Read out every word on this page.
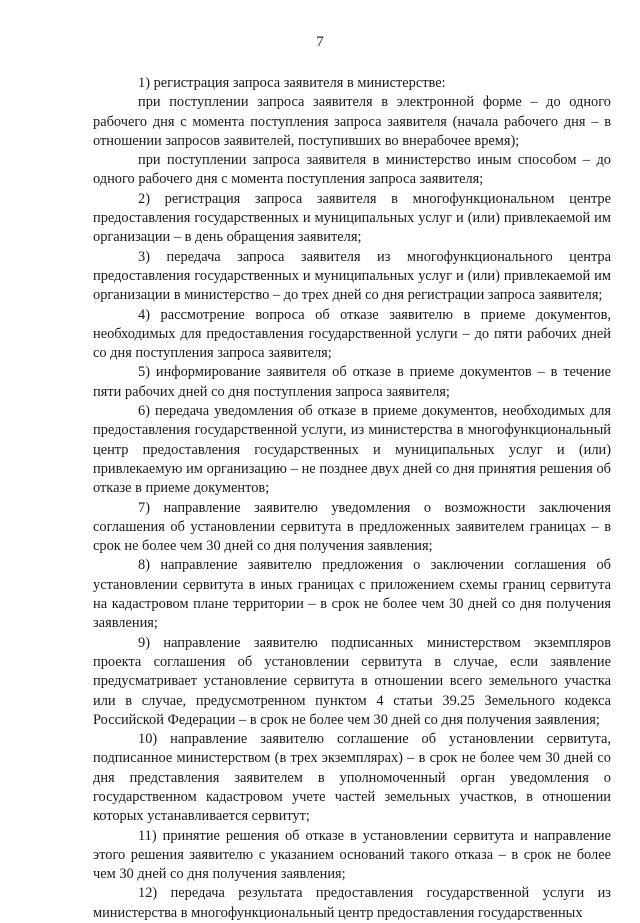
7

1) регистрация запроса заявителя в министерстве:

при поступлении запроса заявителя в электронной форме – до одного рабочего дня с момента поступления запроса заявителя (начала рабочего дня – в отношении запросов заявителей, поступивших во внерабочее время);

при поступлении запроса заявителя в министерство иным способом – до одного рабочего дня с момента поступления запроса заявителя;

2) регистрация запроса заявителя в многофункциональном центре предоставления государственных и муниципальных услуг и (или) привлекаемой им организации – в день обращения заявителя;

3) передача запроса заявителя из многофункционального центра предоставления государственных и муниципальных услуг и (или) привлекаемой им организации в министерство – до трех дней со дня регистрации запроса заявителя;

4) рассмотрение вопроса об отказе заявителю в приеме документов, необходимых для предоставления государственной услуги – до пяти рабочих дней со дня поступления запроса заявителя;

5) информирование заявителя об отказе в приеме документов – в течение пяти рабочих дней со дня поступления запроса заявителя;

6) передача уведомления об отказе в приеме документов, необходимых для предоставления государственной услуги, из министерства в многофункциональный центр предоставления государственных и муниципальных услуг и (или) привлекаемую им организацию – не позднее двух дней со дня принятия решения об отказе в приеме документов;

7) направление заявителю уведомления о возможности заключения соглашения об установлении сервитута в предложенных заявителем границах – в срок не более чем 30 дней со дня получения заявления;

8) направление заявителю предложения о заключении соглашения об установлении сервитута в иных границах с приложением схемы границ сервитута на кадастровом плане территории – в срок не более чем 30 дней со дня получения заявления;

9) направление заявителю подписанных министерством экземпляров проекта соглашения об установлении сервитута в случае, если заявление предусматривает установление сервитута в отношении всего земельного участка или в случае, предусмотренном пунктом 4 статьи 39.25 Земельного кодекса Российской Федерации – в срок не более чем 30 дней со дня получения заявления;

10) направление заявителю соглашение об установлении сервитута, подписанное министерством (в трех экземплярах) – в срок не более чем 30 дней со дня представления заявителем в уполномоченный орган уведомления о государственном кадастровом учете частей земельных участков, в отношении которых устанавливается сервитут;

11) принятие решения об отказе в установлении сервитута и направление этого решения заявителю с указанием оснований такого отказа – в срок не более чем 30 дней со дня получения заявления;

12) передача результата предоставления государственной услуги из министерства в многофункциональный центр предоставления государственных
